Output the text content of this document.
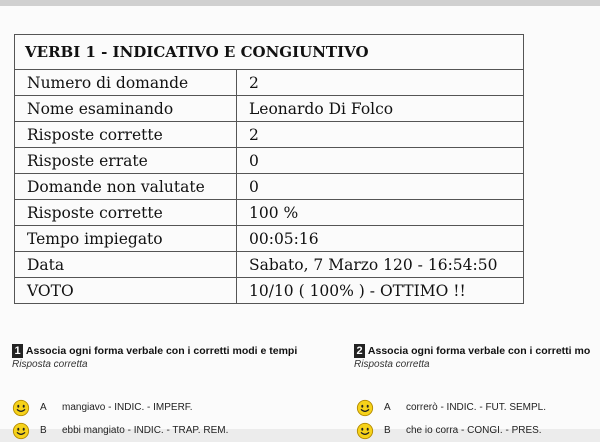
VERBI 1 - INDICATIVO E CONGIUNTIVO	
Numero di domande	2
Nome esaminando	Leonardo Di Folco
Risposte corrette	2
Risposte errate	0
Domande non valutate	0
Risposte corrette	100 %
Tempo impiegato	00:05:16
Data	Sabato, 7 Marzo 120 - 16:54:50
VOTO	10/10 ( 100% ) - OTTIMO !!
1 Associa ogni forma verbale con i corretti modi e tempi
Risposta corretta
A	mangiavo - INDIC. - IMPERF.
B	ebbi mangiato - INDIC. - TRAP. REM.
2 Associa ogni forma verbale con i corretti mo
Risposta corretta
A	correrò - INDIC. - FUT. SEMPL.
B	che io corra - CONGI. - PRES.
